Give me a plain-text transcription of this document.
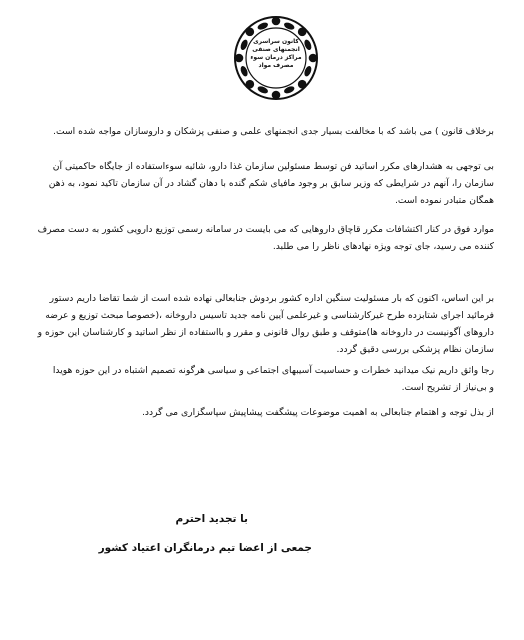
کانون سراسری
انجمنهای صنفی
مراکز درمان سوء
مصرف مواد

برخلاف قانون ) می باشد که با مخالفت بسیار جدی انجمنهای علمی و صنفی پزشکان و داروسازان مواجه شده است.

بی توجهی به هشدارهای مکرر اساتید فن توسط مسئولین سازمان غذا دارو، شائبه سوءاستفاده از جایگاه حاکمیتی آن
سازمان را، آنهم در شرایطی که وزیر سابق بر وجود مافیای شکم گنده با دهان گشاد در آن سازمان تاکید نمود، به ذهن
همگان متبادر نموده است.

موارد فوق در کنار اکتشافات مکرر قاچاق داروهایی که می بایست در سامانه رسمی توزیع دارویی کشور به دست مصرف
کننده می رسید، جای توجه ویژه نهادهای ناظر را می طلبد.

بر این اساس، اکنون که بار مسئولیت سنگین اداره کشور بردوش جنابعالی نهاده شده است از شما تقاضا داریم دستور
فرمائید اجرای شتابزده طرح غیرکارشناسی و غیرعلمی آیین نامه جدید تاسیس داروخانه ،(خصوصا مبحث توزیع و عرضه
داروهای آگونیست در داروخانه ها)متوقف و طبق روال قانونی و مقرر و بااستفاده از نظر اساتید و کارشناسان این حوزه و
سازمان نظام پزشکی بررسی دقیق گردد.

رجا واثق داریم نیک میدانید خطرات و حساسیت آسیبهای اجتماعی و سیاسی هرگونه تصمیم اشتباه در این حوزه هویدا
و بی‌نیاز از تشریح است.

از بذل توجه و اهتمام جنابعالی به اهمیت موضوعات پیشگفت پیشاپیش سپاسگزاری می گردد.

با تجدید احترم
جمعی از اعضا تیم درمانگران اعتیاد کشور
